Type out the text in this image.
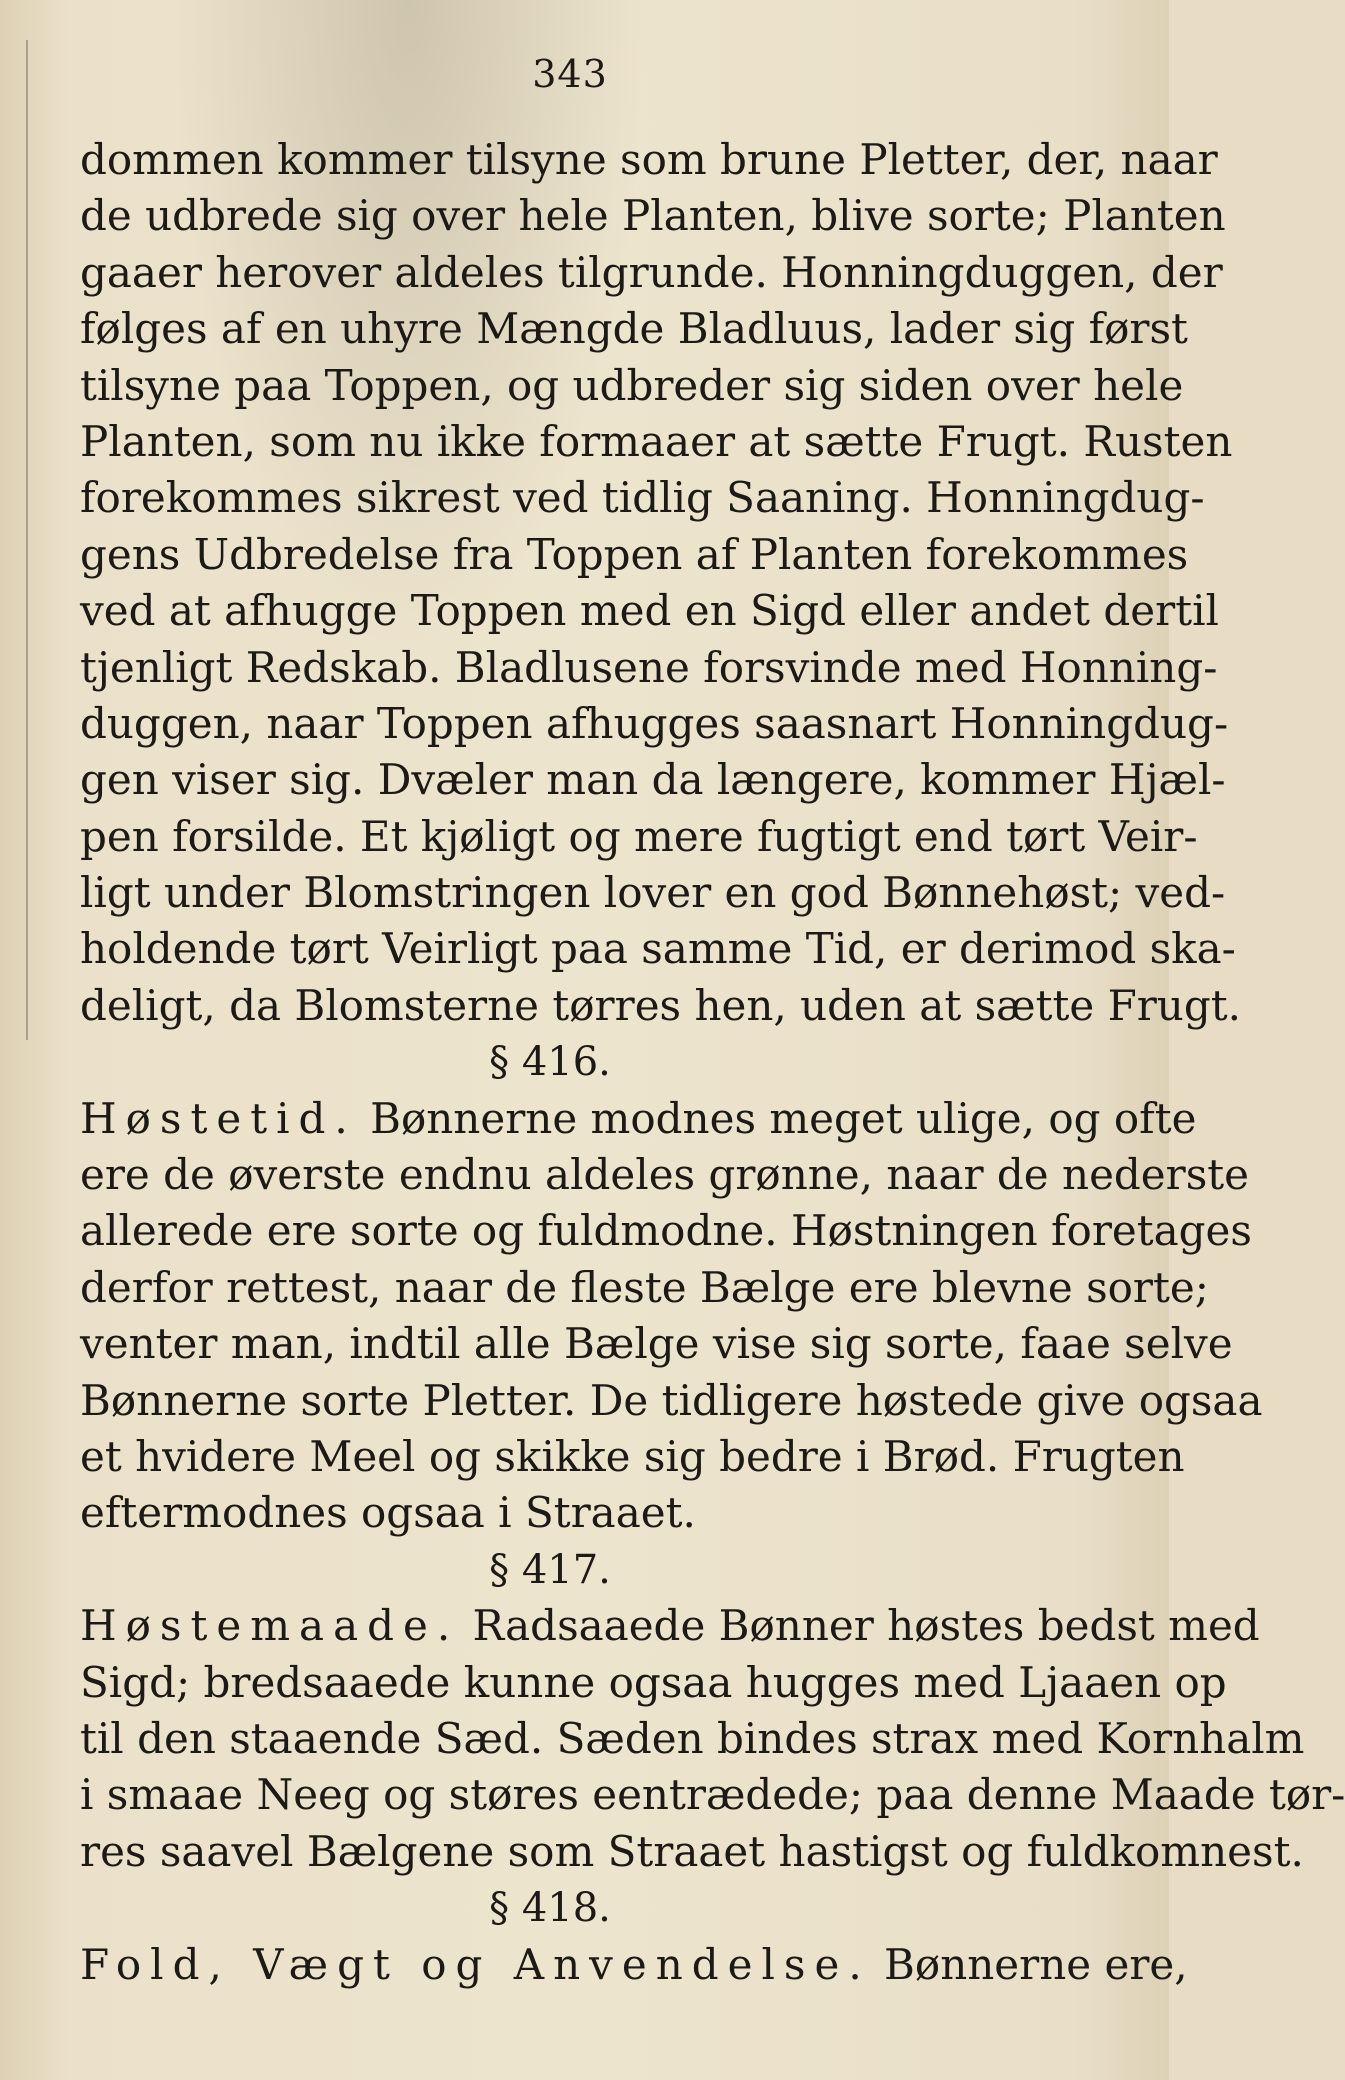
343
dommen kommer tilsyne som brune Pletter, der, naar
de udbrede sig over hele Planten, blive sorte; Planten
gaaer herover aldeles tilgrunde. Honningduggen, der
følges af en uhyre Mængde Bladluus, lader sig først
tilsyne paa Toppen, og udbreder sig siden over hele
Planten, som nu ikke formaaer at sætte Frugt. Rusten
forekommes sikrest ved tidlig Saaning. Honningdug-
gens Udbredelse fra Toppen af Planten forekommes
ved at afhugge Toppen med en Sigd eller andet dertil
tjenligt Redskab. Bladlusene forsvinde med Honning-
duggen, naar Toppen afhugges saasnart Honningdug-
gen viser sig. Dvæler man da længere, kommer Hjæl-
pen forsilde. Et kjøligt og mere fugtigt end tørt Veir-
ligt under Blomstringen lover en god Bønnehøst; ved-
holdende tørt Veirligt paa samme Tid, er derimod ska-
deligt, da Blomsterne tørres hen, uden at sætte Frugt.
§ 416.
Høstetid. Bønnerne modnes meget ulige, og ofte
ere de øverste endnu aldeles grønne, naar de nederste
allerede ere sorte og fuldmodne. Høstningen foretages
derfor rettest, naar de fleste Bælge ere blevne sorte;
venter man, indtil alle Bælge vise sig sorte, faae selve
Bønnerne sorte Pletter. De tidligere høstede give ogsaa
et hvidere Meel og skikke sig bedre i Brød. Frugten
eftermodnes ogsaa i Straaet.
§ 417.
Høstemaade. Radsaaede Bønner høstes bedst med
Sigd; bredsaaede kunne ogsaa hugges med Ljaaen op
til den staaende Sæd. Sæden bindes strax med Kornhalm
i smaae Neeg og støres eentrædede; paa denne Maade tør-
res saavel Bælgene som Straaet hastigst og fuldkomnest.
§ 418.
Fold, Vægt og Anvendelse. Bønnerne ere,
